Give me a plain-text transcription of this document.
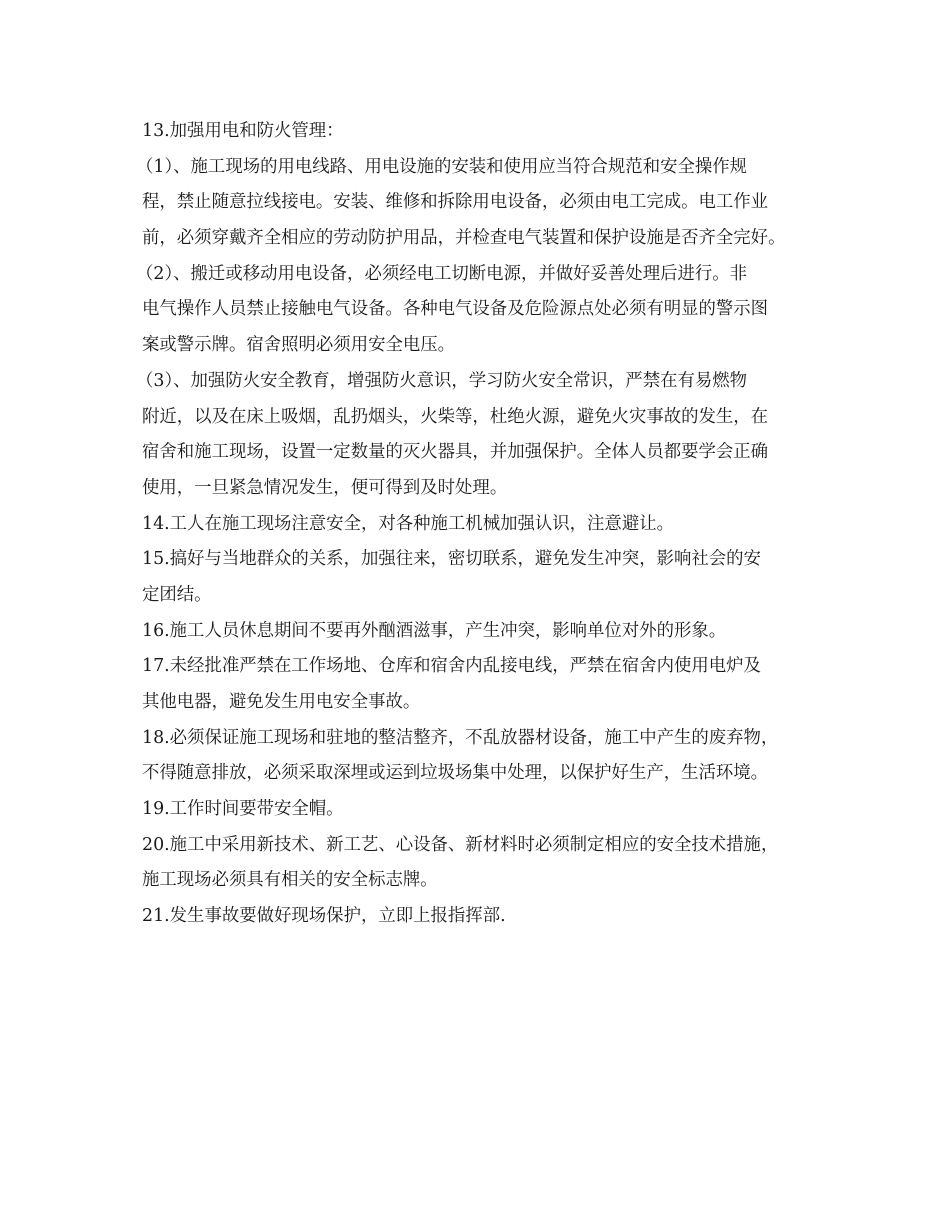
13.加强用电和防火管理：
（1）、施工现场的用电线路、用电设施的安装和使用应当符合规范和安全操作规
程，禁止随意拉线接电。安装、维修和拆除用电设备，必须由电工完成。电工作业
前，必须穿戴齐全相应的劳动防护用品，并检查电气装置和保护设施是否齐全完好。
（2）、搬迁或移动用电设备，必须经电工切断电源，并做好妥善处理后进行。非
电气操作人员禁止接触电气设备。各种电气设备及危险源点处必须有明显的警示图
案或警示牌。宿舍照明必须用安全电压。
（3）、加强防火安全教育，增强防火意识，学习防火安全常识，严禁在有易燃物
附近，以及在床上吸烟，乱扔烟头，火柴等，杜绝火源，避免火灾事故的发生，在
宿舍和施工现场，设置一定数量的灭火器具，并加强保护。全体人员都要学会正确
使用，一旦紧急情况发生，便可得到及时处理。
14.工人在施工现场注意安全，对各种施工机械加强认识，注意避让。
15.搞好与当地群众的关系，加强往来，密切联系，避免发生冲突，影响社会的安
定团结。
16.施工人员休息期间不要再外酗酒滋事，产生冲突，影响单位对外的形象。
17.未经批准严禁在工作场地、仓库和宿舍内乱接电线，严禁在宿舍内使用电炉及
其他电器，避免发生用电安全事故。
18.必须保证施工现场和驻地的整洁整齐，不乱放器材设备，施工中产生的废弃物，
不得随意排放，必须采取深埋或运到垃圾场集中处理，以保护好生产，生活环境。
19.工作时间要带安全帽。
20.施工中采用新技术、新工艺、心设备、新材料时必须制定相应的安全技术措施，
施工现场必须具有相关的安全标志牌。
21.发生事故要做好现场保护，立即上报指挥部.
